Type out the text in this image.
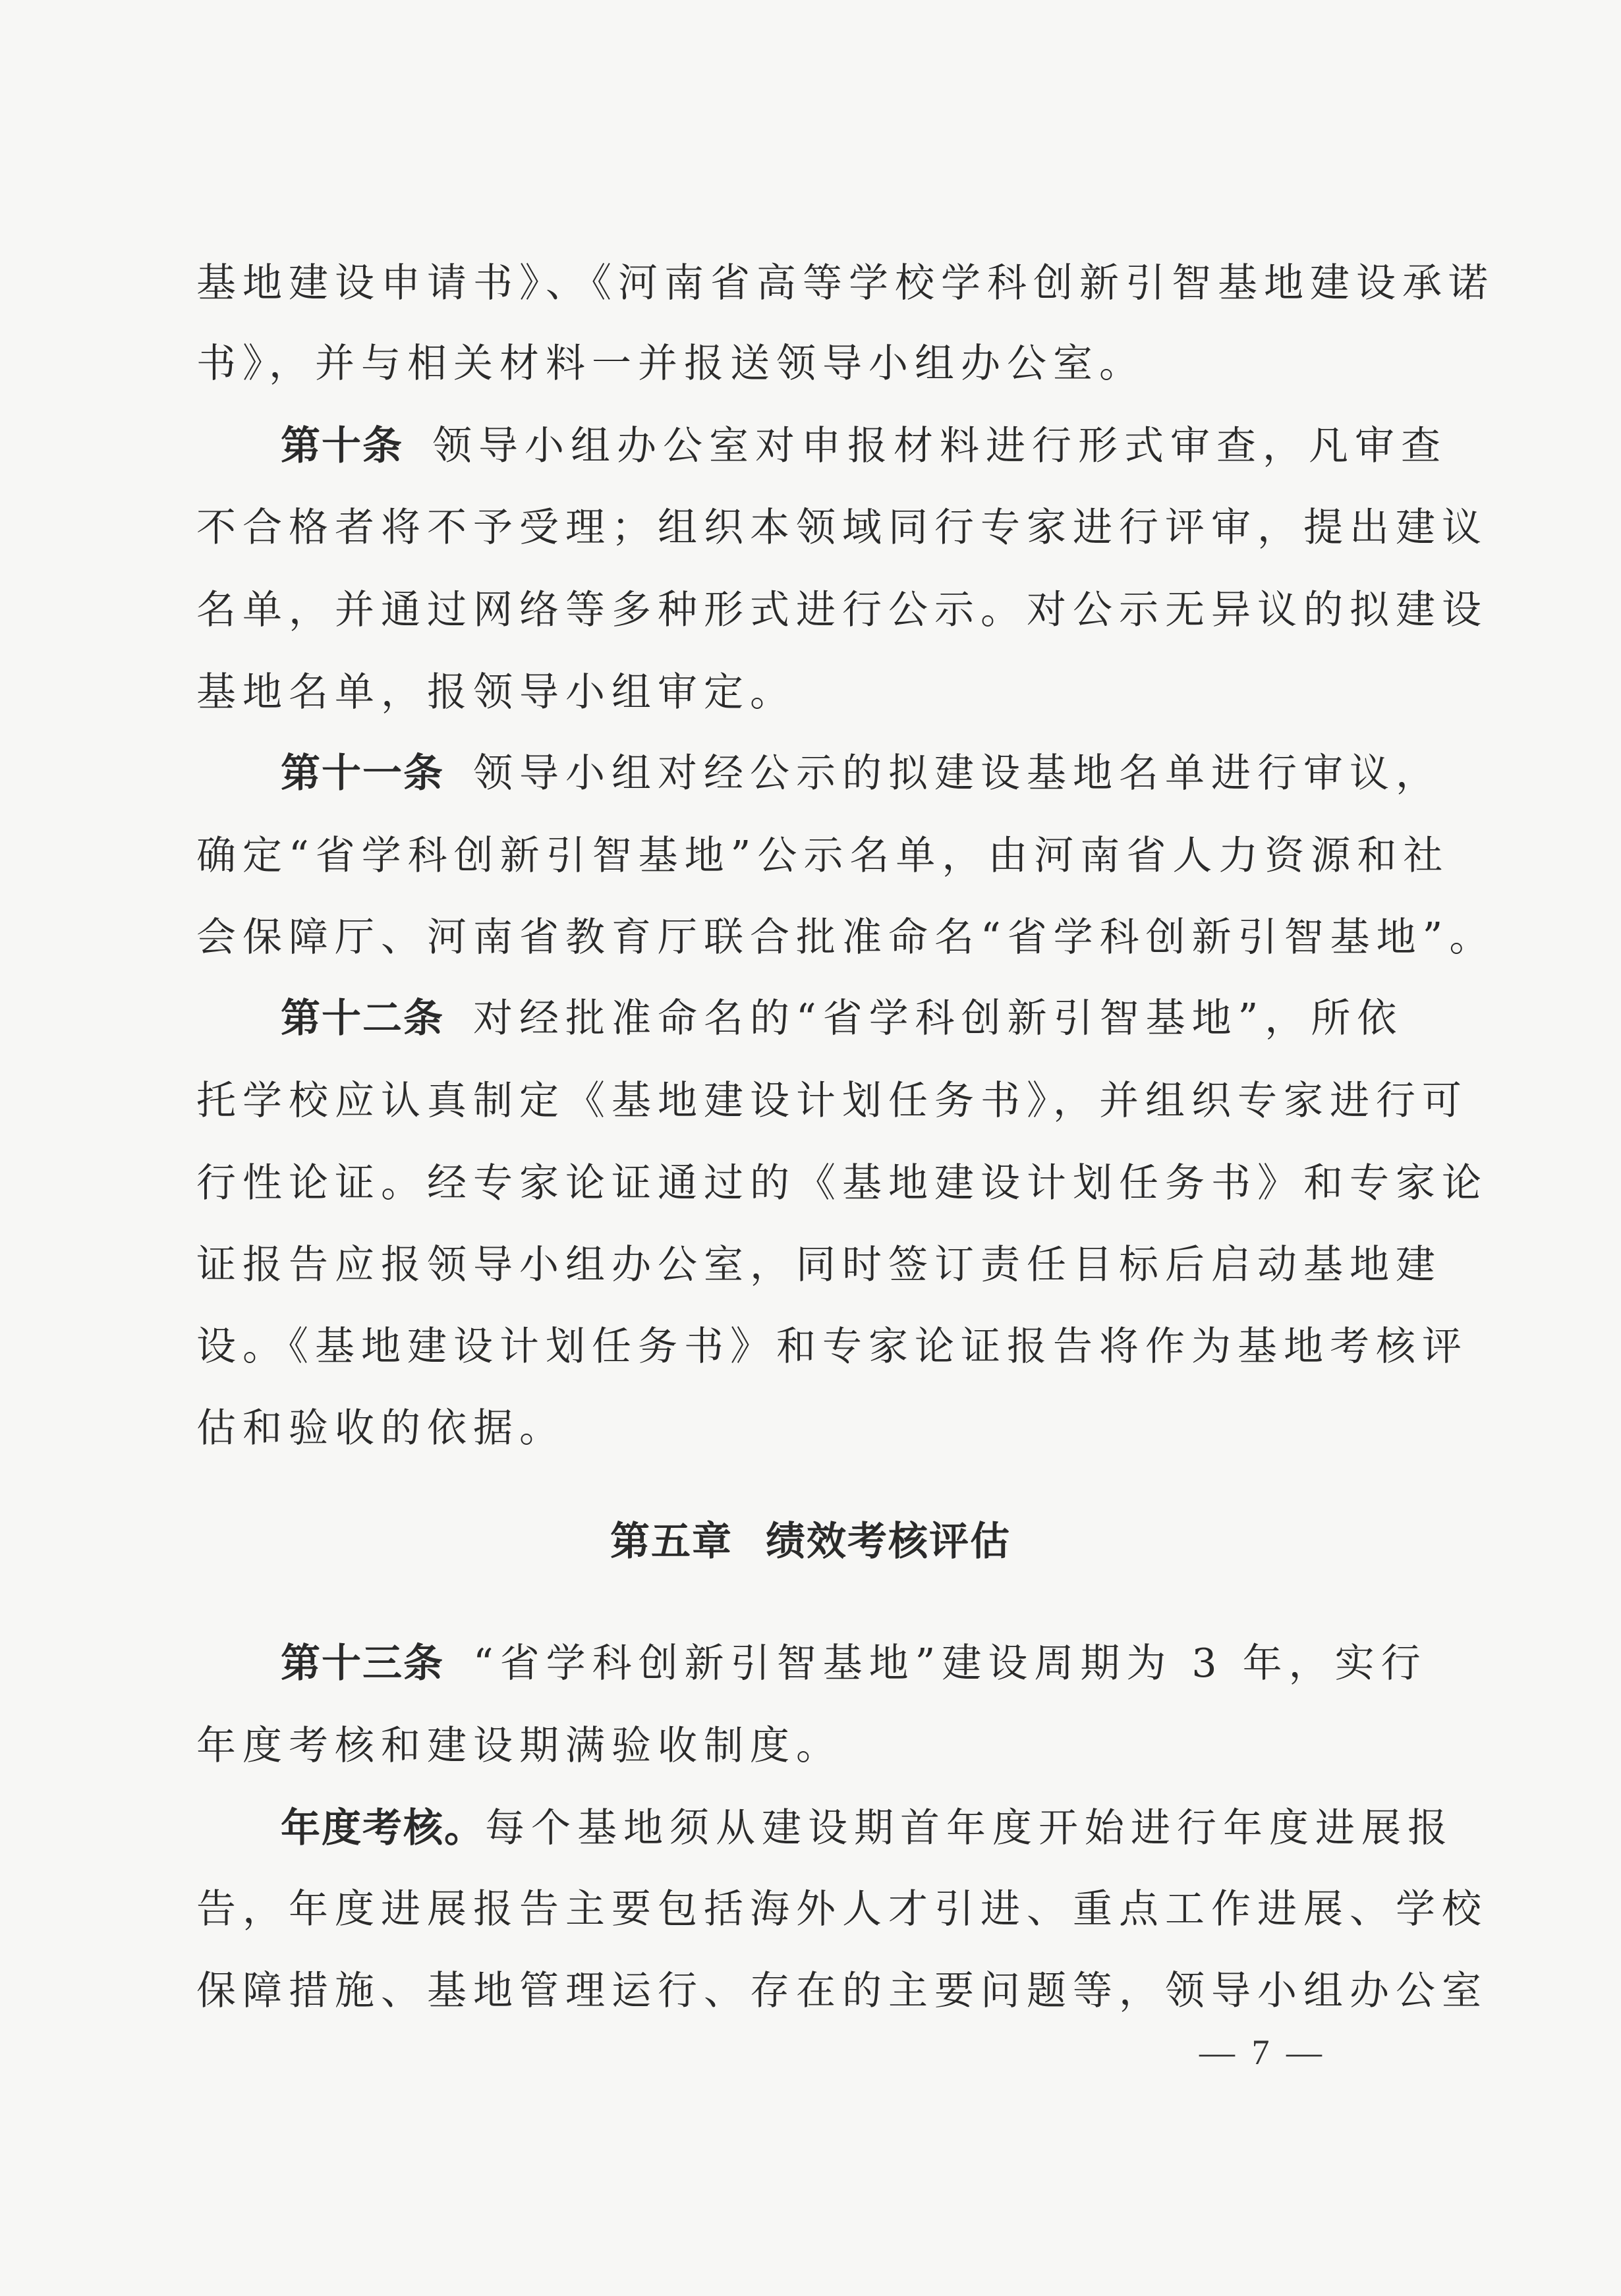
基地建设申请书》、《河南省高等学校学科创新引智基地建设承诺
书》，并与相关材料一并报送领导小组办公室。
第十条 领导小组办公室对申报材料进行形式审查，凡审查
不合格者将不予受理；组织本领域同行专家进行评审，提出建议
名单，并通过网络等多种形式进行公示。对公示无异议的拟建设
基地名单，报领导小组审定。
第十一条 领导小组对经公示的拟建设基地名单进行审议，
确定“省学科创新引智基地”公示名单，由河南省人力资源和社
会保障厅、河南省教育厅联合批准命名“省学科创新引智基地”。
第十二条 对经批准命名的“省学科创新引智基地”，所依
托学校应认真制定《基地建设计划任务书》，并组织专家进行可
行性论证。经专家论证通过的《基地建设计划任务书》和专家论
证报告应报领导小组办公室，同时签订责任目标后启动基地建
设。《基地建设计划任务书》和专家论证报告将作为基地考核评
估和验收的依据。
第五章 绩效考核评估
第十三条 “省学科创新引智基地”建设周期为 3 年，实行
年度考核和建设期满验收制度。
年度考核。每个基地须从建设期首年度开始进行年度进展报
告，年度进展报告主要包括海外人才引进、重点工作进展、学校
保障措施、基地管理运行、存在的主要问题等，领导小组办公室
— 7 —
